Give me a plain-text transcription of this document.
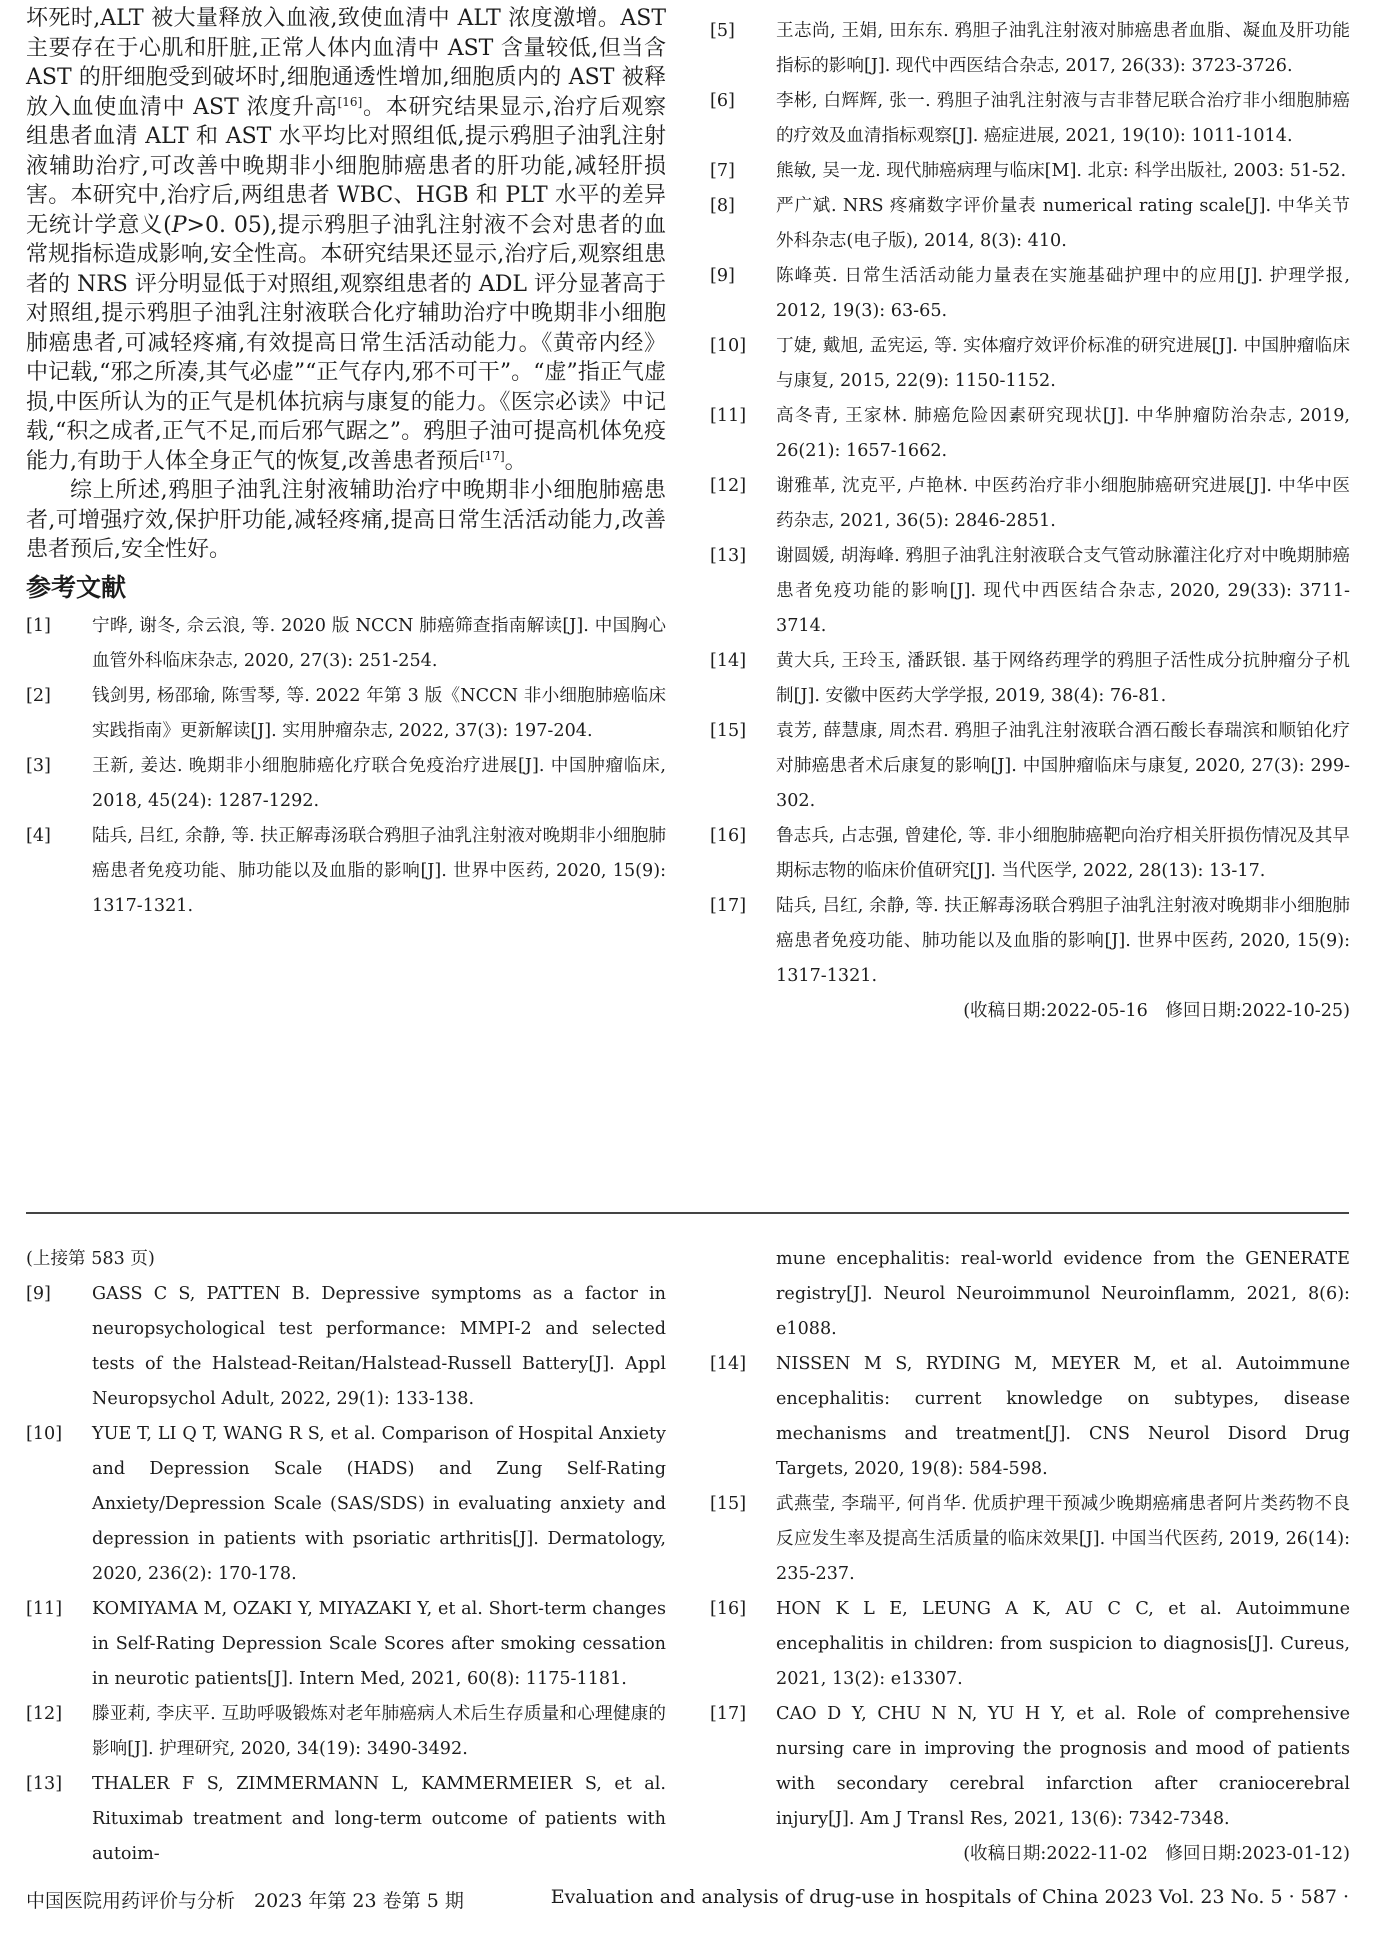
坏死时,ALT 被大量释放入血液,致使血清中 ALT 浓度激增。AST 主要存在于心肌和肝脏,正常人体内血清中 AST 含量较低,但当含 AST 的肝细胞受到破坏时,细胞通透性增加,细胞质内的 AST 被释放入血使血清中 AST 浓度升高[16]。本研究结果显示,治疗后观察组患者血清 ALT 和 AST 水平均比对照组低,提示鸦胆子油乳注射液辅助治疗,可改善中晚期非小细胞肺癌患者的肝功能,减轻肝损害。本研究中,治疗后,两组患者 WBC、HGB 和 PLT 水平的差异无统计学意义(P>0. 05),提示鸦胆子油乳注射液不会对患者的血常规指标造成影响,安全性高。本研究结果还显示,治疗后,观察组患者的 NRS 评分明显低于对照组,观察组患者的 ADL 评分显著高于对照组,提示鸦胆子油乳注射液联合化疗辅助治疗中晚期非小细胞肺癌患者,可减轻疼痛,有效提高日常生活活动能力。《黄帝内经》中记载,“邪之所凑,其气必虚”“正气存内,邪不可干”。“虚”指正气虚损,中医所认为的正气是机体抗病与康复的能力。《医宗必读》中记载,“积之成者,正气不足,而后邪气踞之”。鸦胆子油可提高机体免疫能力,有助于人体全身正气的恢复,改善患者预后[17]。

综上所述,鸦胆子油乳注射液辅助治疗中晚期非小细胞肺癌患者,可增强疗效,保护肝功能,减轻疼痛,提高日常生活活动能力,改善患者预后,安全性好。

参考文献
[1]	宁晔, 谢冬, 佘云浪, 等. 2020 版 NCCN 肺癌筛查指南解读[J]. 中国胸心血管外科临床杂志, 2020, 27(3): 251-254.
[2]	钱剑男, 杨邵瑜, 陈雪琴, 等. 2022 年第 3 版《NCCN 非小细胞肺癌临床实践指南》更新解读[J]. 实用肿瘤杂志, 2022, 37(3): 197-204.
[3]	王新, 姜达. 晚期非小细胞肺癌化疗联合免疫治疗进展[J]. 中国肿瘤临床, 2018, 45(24): 1287-1292.
[4]	陆兵, 吕红, 余静, 等. 扶正解毒汤联合鸦胆子油乳注射液对晚期非小细胞肺癌患者免疫功能、肺功能以及血脂的影响[J]. 世界中医药, 2020, 15(9): 1317-1321.
[5]	王志尚, 王娟, 田东东. 鸦胆子油乳注射液对肺癌患者血脂、凝血及肝功能指标的影响[J]. 现代中西医结合杂志, 2017, 26(33): 3723-3726.
[6]	李彬, 白辉辉, 张一. 鸦胆子油乳注射液与吉非替尼联合治疗非小细胞肺癌的疗效及血清指标观察[J]. 癌症进展, 2021, 19(10): 1011-1014.
[7]	熊敏, 吴一龙. 现代肺癌病理与临床[M]. 北京: 科学出版社, 2003: 51-52.
[8]	严广斌. NRS 疼痛数字评价量表 numerical rating scale[J]. 中华关节外科杂志(电子版), 2014, 8(3): 410.
[9]	陈峰英. 日常生活活动能力量表在实施基础护理中的应用[J]. 护理学报, 2012, 19(3): 63-65.
[10]	丁婕, 戴旭, 孟宪运, 等. 实体瘤疗效评价标准的研究进展[J]. 中国肿瘤临床与康复, 2015, 22(9): 1150-1152.
[11]	高冬青, 王家林. 肺癌危险因素研究现状[J]. 中华肿瘤防治杂志, 2019, 26(21): 1657-1662.
[12]	谢雅革, 沈克平, 卢艳林. 中医药治疗非小细胞肺癌研究进展[J]. 中华中医药杂志, 2021, 36(5): 2846-2851.
[13]	谢圆媛, 胡海峰. 鸦胆子油乳注射液联合支气管动脉灌注化疗对中晚期肺癌患者免疫功能的影响[J]. 现代中西医结合杂志, 2020, 29(33): 3711-3714.
[14]	黄大兵, 王玲玉, 潘跃银. 基于网络药理学的鸦胆子活性成分抗肿瘤分子机制[J]. 安徽中医药大学学报, 2019, 38(4): 76-81.
[15]	袁芳, 薛慧康, 周杰君. 鸦胆子油乳注射液联合酒石酸长春瑞滨和顺铂化疗对肺癌患者术后康复的影响[J]. 中国肿瘤临床与康复, 2020, 27(3): 299-302.
[16]	鲁志兵, 占志强, 曾建伦, 等. 非小细胞肺癌靶向治疗相关肝损伤情况及其早期标志物的临床价值研究[J]. 当代医学, 2022, 28(13): 13-17.
[17]	陆兵, 吕红, 余静, 等. 扶正解毒汤联合鸦胆子油乳注射液对晚期非小细胞肺癌患者免疫功能、肺功能以及血脂的影响[J]. 世界中医药, 2020, 15(9): 1317-1321.
(收稿日期:2022-05-16　修回日期:2022-10-25)
(上接第 583 页)
[9]	GASS C S, PATTEN B. Depressive symptoms as a factor in neuropsychological test performance: MMPI-2 and selected tests of the Halstead-Reitan/Halstead-Russell Battery[J]. Appl Neuropsychol Adult, 2022, 29(1): 133-138.
[10]	YUE T, LI Q T, WANG R S, et al. Comparison of Hospital Anxiety and Depression Scale (HADS) and Zung Self-Rating Anxiety/Depression Scale (SAS/SDS) in evaluating anxiety and depression in patients with psoriatic arthritis[J]. Dermatology, 2020, 236(2): 170-178.
[11]	KOMIYAMA M, OZAKI Y, MIYAZAKI Y, et al. Short-term changes in Self-Rating Depression Scale Scores after smoking cessation in neurotic patients[J]. Intern Med, 2021, 60(8): 1175-1181.
[12]	滕亚莉, 李庆平. 互助呼吸锻炼对老年肺癌病人术后生存质量和心理健康的影响[J]. 护理研究, 2020, 34(19): 3490-3492.
[13]	THALER F S, ZIMMERMANN L, KAMMERMEIER S, et al. Rituximab treatment and long-term outcome of patients with autoim-
mune encephalitis: real-world evidence from the GENERATE registry[J]. Neurol Neuroimmunol Neuroinflamm, 2021, 8(6): e1088.
[14]	NISSEN M S, RYDING M, MEYER M, et al. Autoimmune encephalitis: current knowledge on subtypes, disease mechanisms and treatment[J]. CNS Neurol Disord Drug Targets, 2020, 19(8): 584-598.
[15]	武燕莹, 李瑞平, 何肖华. 优质护理干预减少晚期癌痛患者阿片类药物不良反应发生率及提高生活质量的临床效果[J]. 中国当代医药, 2019, 26(14): 235-237.
[16]	HON K L E, LEUNG A K, AU C C, et al. Autoimmune encephalitis in children: from suspicion to diagnosis[J]. Cureus, 2021, 13(2): e13307.
[17]	CAO D Y, CHU N N, YU H Y, et al. Role of comprehensive nursing care in improving the prognosis and mood of patients with secondary cerebral infarction after craniocerebral injury[J]. Am J Transl Res, 2021, 13(6): 7342-7348.
(收稿日期:2022-11-02　修回日期:2023-01-12)
中国医院用药评价与分析　2023 年第 23 卷第 5 期	Evaluation and analysis of drug-use in hospitals of China 2023 Vol. 23 No. 5 · 587 ·
